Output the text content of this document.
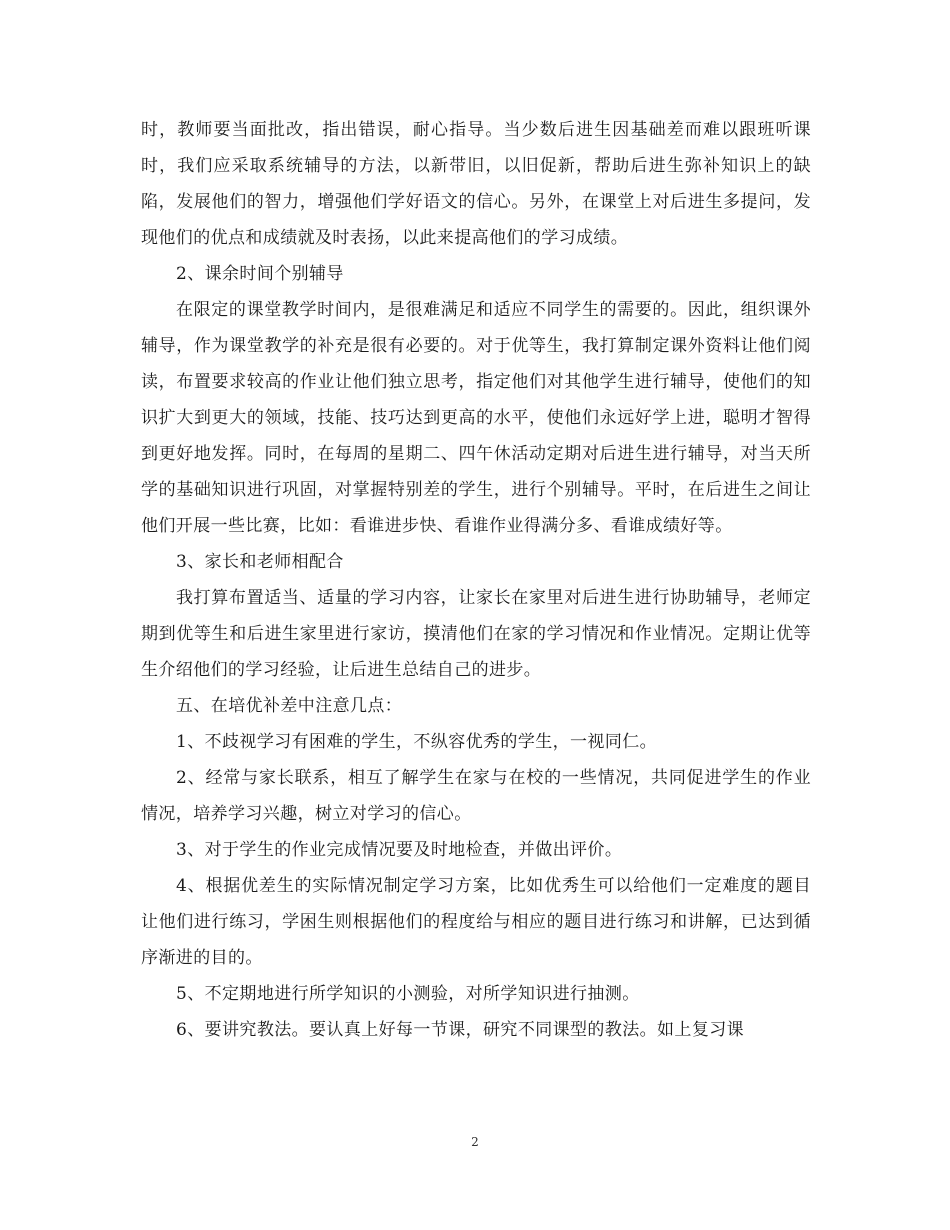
时，教师要当面批改，指出错误，耐心指导。当少数后进生因基础差而难以跟班听课时，我们应采取系统辅导的方法，以新带旧，以旧促新，帮助后进生弥补知识上的缺陷，发展他们的智力，增强他们学好语文的信心。另外，在课堂上对后进生多提问，发现他们的优点和成绩就及时表扬，以此来提高他们的学习成绩。

2、课余时间个别辅导

在限定的课堂教学时间内，是很难满足和适应不同学生的需要的。因此，组织课外辅导，作为课堂教学的补充是很有必要的。对于优等生，我打算制定课外资料让他们阅读，布置要求较高的作业让他们独立思考，指定他们对其他学生进行辅导，使他们的知识扩大到更大的领域，技能、技巧达到更高的水平，使他们永远好学上进，聪明才智得到更好地发挥。同时，在每周的星期二、四午休活动定期对后进生进行辅导，对当天所学的基础知识进行巩固，对掌握特别差的学生，进行个别辅导。平时，在后进生之间让他们开展一些比赛，比如：看谁进步快、看谁作业得满分多、看谁成绩好等。

3、家长和老师相配合

我打算布置适当、适量的学习内容，让家长在家里对后进生进行协助辅导，老师定期到优等生和后进生家里进行家访，摸清他们在家的学习情况和作业情况。定期让优等生介绍他们的学习经验，让后进生总结自己的进步。

五、在培优补差中注意几点：

1、不歧视学习有困难的学生，不纵容优秀的学生，一视同仁。

2、经常与家长联系，相互了解学生在家与在校的一些情况，共同促进学生的作业情况，培养学习兴趣，树立对学习的信心。

3、对于学生的作业完成情况要及时地检查，并做出评价。

4、根据优差生的实际情况制定学习方案，比如优秀生可以给他们一定难度的题目让他们进行练习，学困生则根据他们的程度给与相应的题目进行练习和讲解，已达到循序渐进的目的。

5、不定期地进行所学知识的小测验，对所学知识进行抽测。

6、要讲究教法。要认真上好每一节课，研究不同课型的教法。如上复习课

2
